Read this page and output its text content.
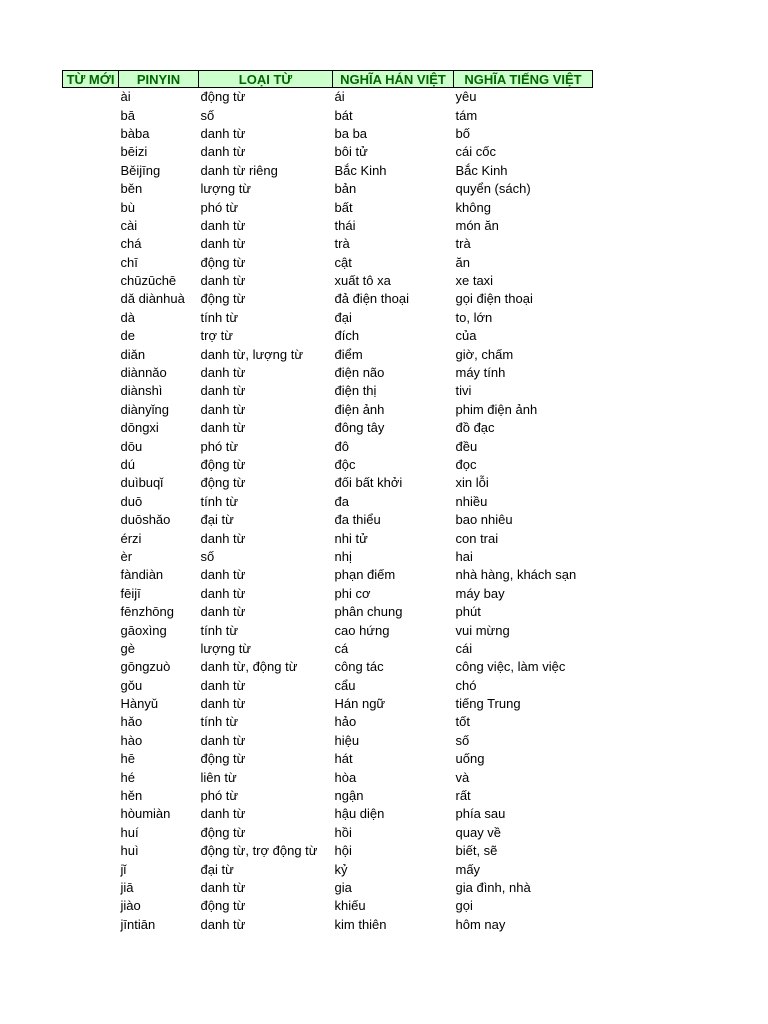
TỪ MỚI	PINYIN	LOẠI TỪ	NGHĨA HÁN VIỆT	NGHĨA TIẾNG VIỆT
	ài	động từ	ái	yêu
	bā	số	bát	tám
	bàba	danh từ	ba ba	bố
	bēizi	danh từ	bôi tử	cái cốc
	Běijīng	danh từ riêng	Bắc Kinh	Bắc Kinh
	běn	lượng từ	bản	quyển (sách)
	bù	phó từ	bất	không
	cài	danh từ	thái	món ăn
	chá	danh từ	trà	trà
	chī	động từ	cật	ăn
	chūzūchē	danh từ	xuất tô xa	xe taxi
	dǎ diànhuà	động từ	đả điện thoại	gọi điện thoại
	dà	tính từ	đại	to, lớn
	de	trợ từ	đích	của
	diǎn	danh từ, lượng từ	điểm	giờ, chấm
	diànnǎo	danh từ	điện não	máy tính
	diànshì	danh từ	điện thị	tivi
	diànyǐng	danh từ	điện ảnh	phim điện ảnh
	dōngxi	danh từ	đông tây	đồ đạc
	dōu	phó từ	đô	đều
	dú	động từ	độc	đọc
	duìbuqǐ	động từ	đối bất khởi	xin lỗi
	duō	tính từ	đa	nhiều
	duōshǎo	đại từ	đa thiểu	bao nhiêu
	érzi	danh từ	nhi tử	con trai
	èr	số	nhị	hai
	fàndiàn	danh từ	phạn điếm	nhà hàng, khách sạn
	fēijī	danh từ	phi cơ	máy bay
	fēnzhōng	danh từ	phân chung	phút
	gāoxìng	tính từ	cao hứng	vui mừng
	gè	lượng từ	cá	cái
	gōngzuò	danh từ, động từ	công tác	công việc, làm việc
	gǒu	danh từ	cẩu	chó
	Hànyǔ	danh từ	Hán ngữ	tiếng Trung
	hǎo	tính từ	hảo	tốt
	hào	danh từ	hiệu	số
	hē	động từ	hát	uống
	hé	liên từ	hòa	và
	hěn	phó từ	ngận	rất
	hòumiàn	danh từ	hậu diện	phía sau
	huí	động từ	hồi	quay về
	huì	động từ, trợ động từ	hội	biết, sẽ
	jǐ	đại từ	kỷ	mấy
	jiā	danh từ	gia	gia đình, nhà
	jiào	động từ	khiếu	gọi
	jīntiān	danh từ	kim thiên	hôm nay
